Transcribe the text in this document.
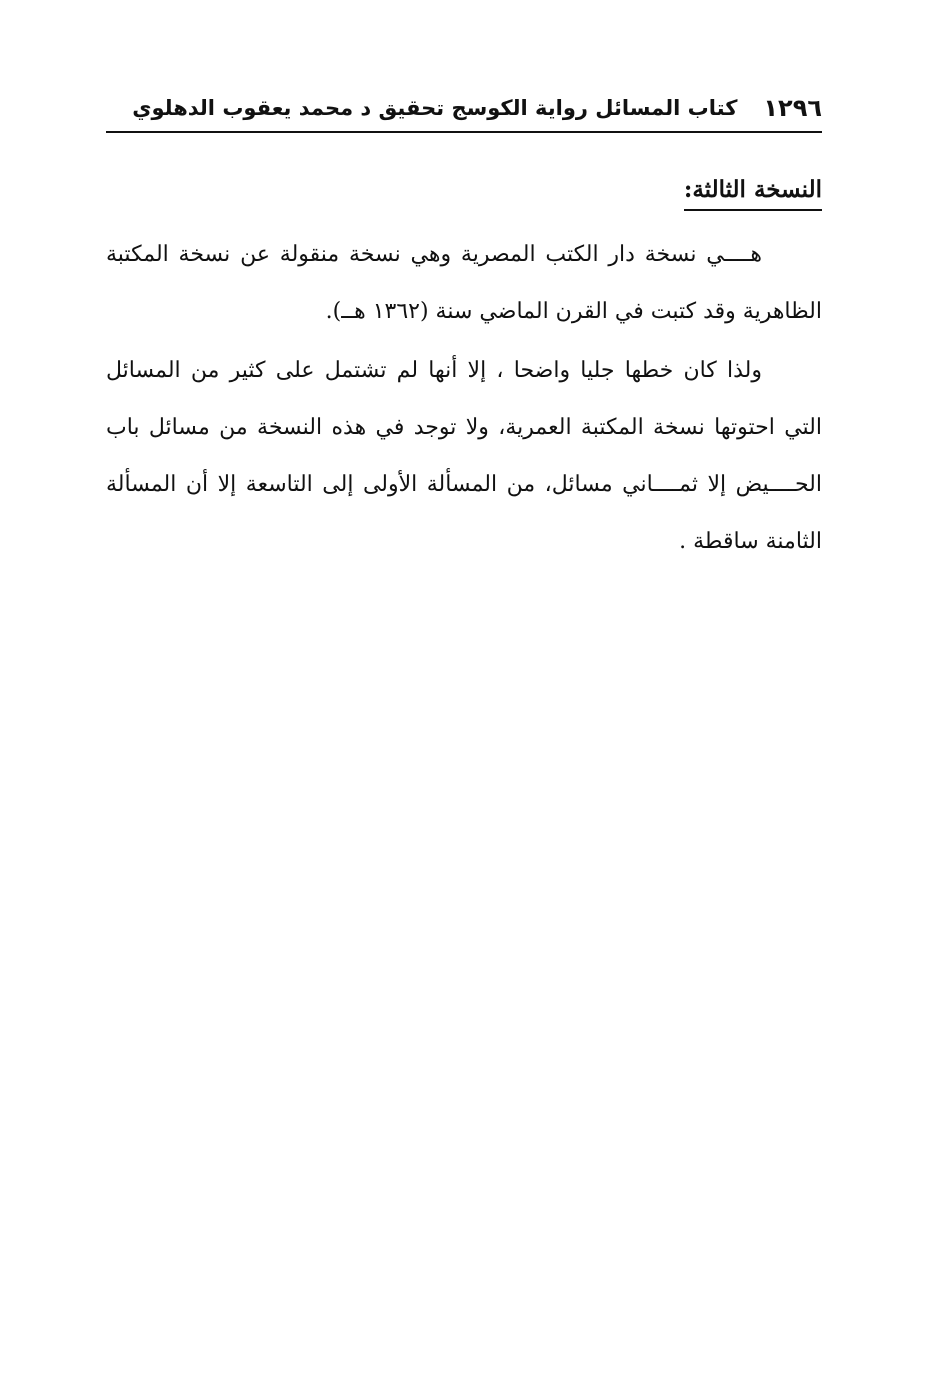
١٢٩٦
كتاب المسائل رواية الكوسج تحقيق د محمد يعقوب الدهلوي
النسخة الثالثة:

هــــي نسخة دار الكتب المصرية وهي نسخة منقولة عن نسخة المكتبة الظاهرية وقد كتبت في القرن الماضي سنة (١٣٦٢ هــ).

ولذا كان خطها جليا واضحا ، إلا أنها لم تشتمل على كثير من المسائل التي احتوتها نسخة المكتبة العمرية، ولا توجد في هذه النسخة من مسائل باب الحــــيض إلا ثمــــاني مسائل، من المسألة الأولى إلى التاسعة إلا أن المسألة الثامنة ساقطة .
